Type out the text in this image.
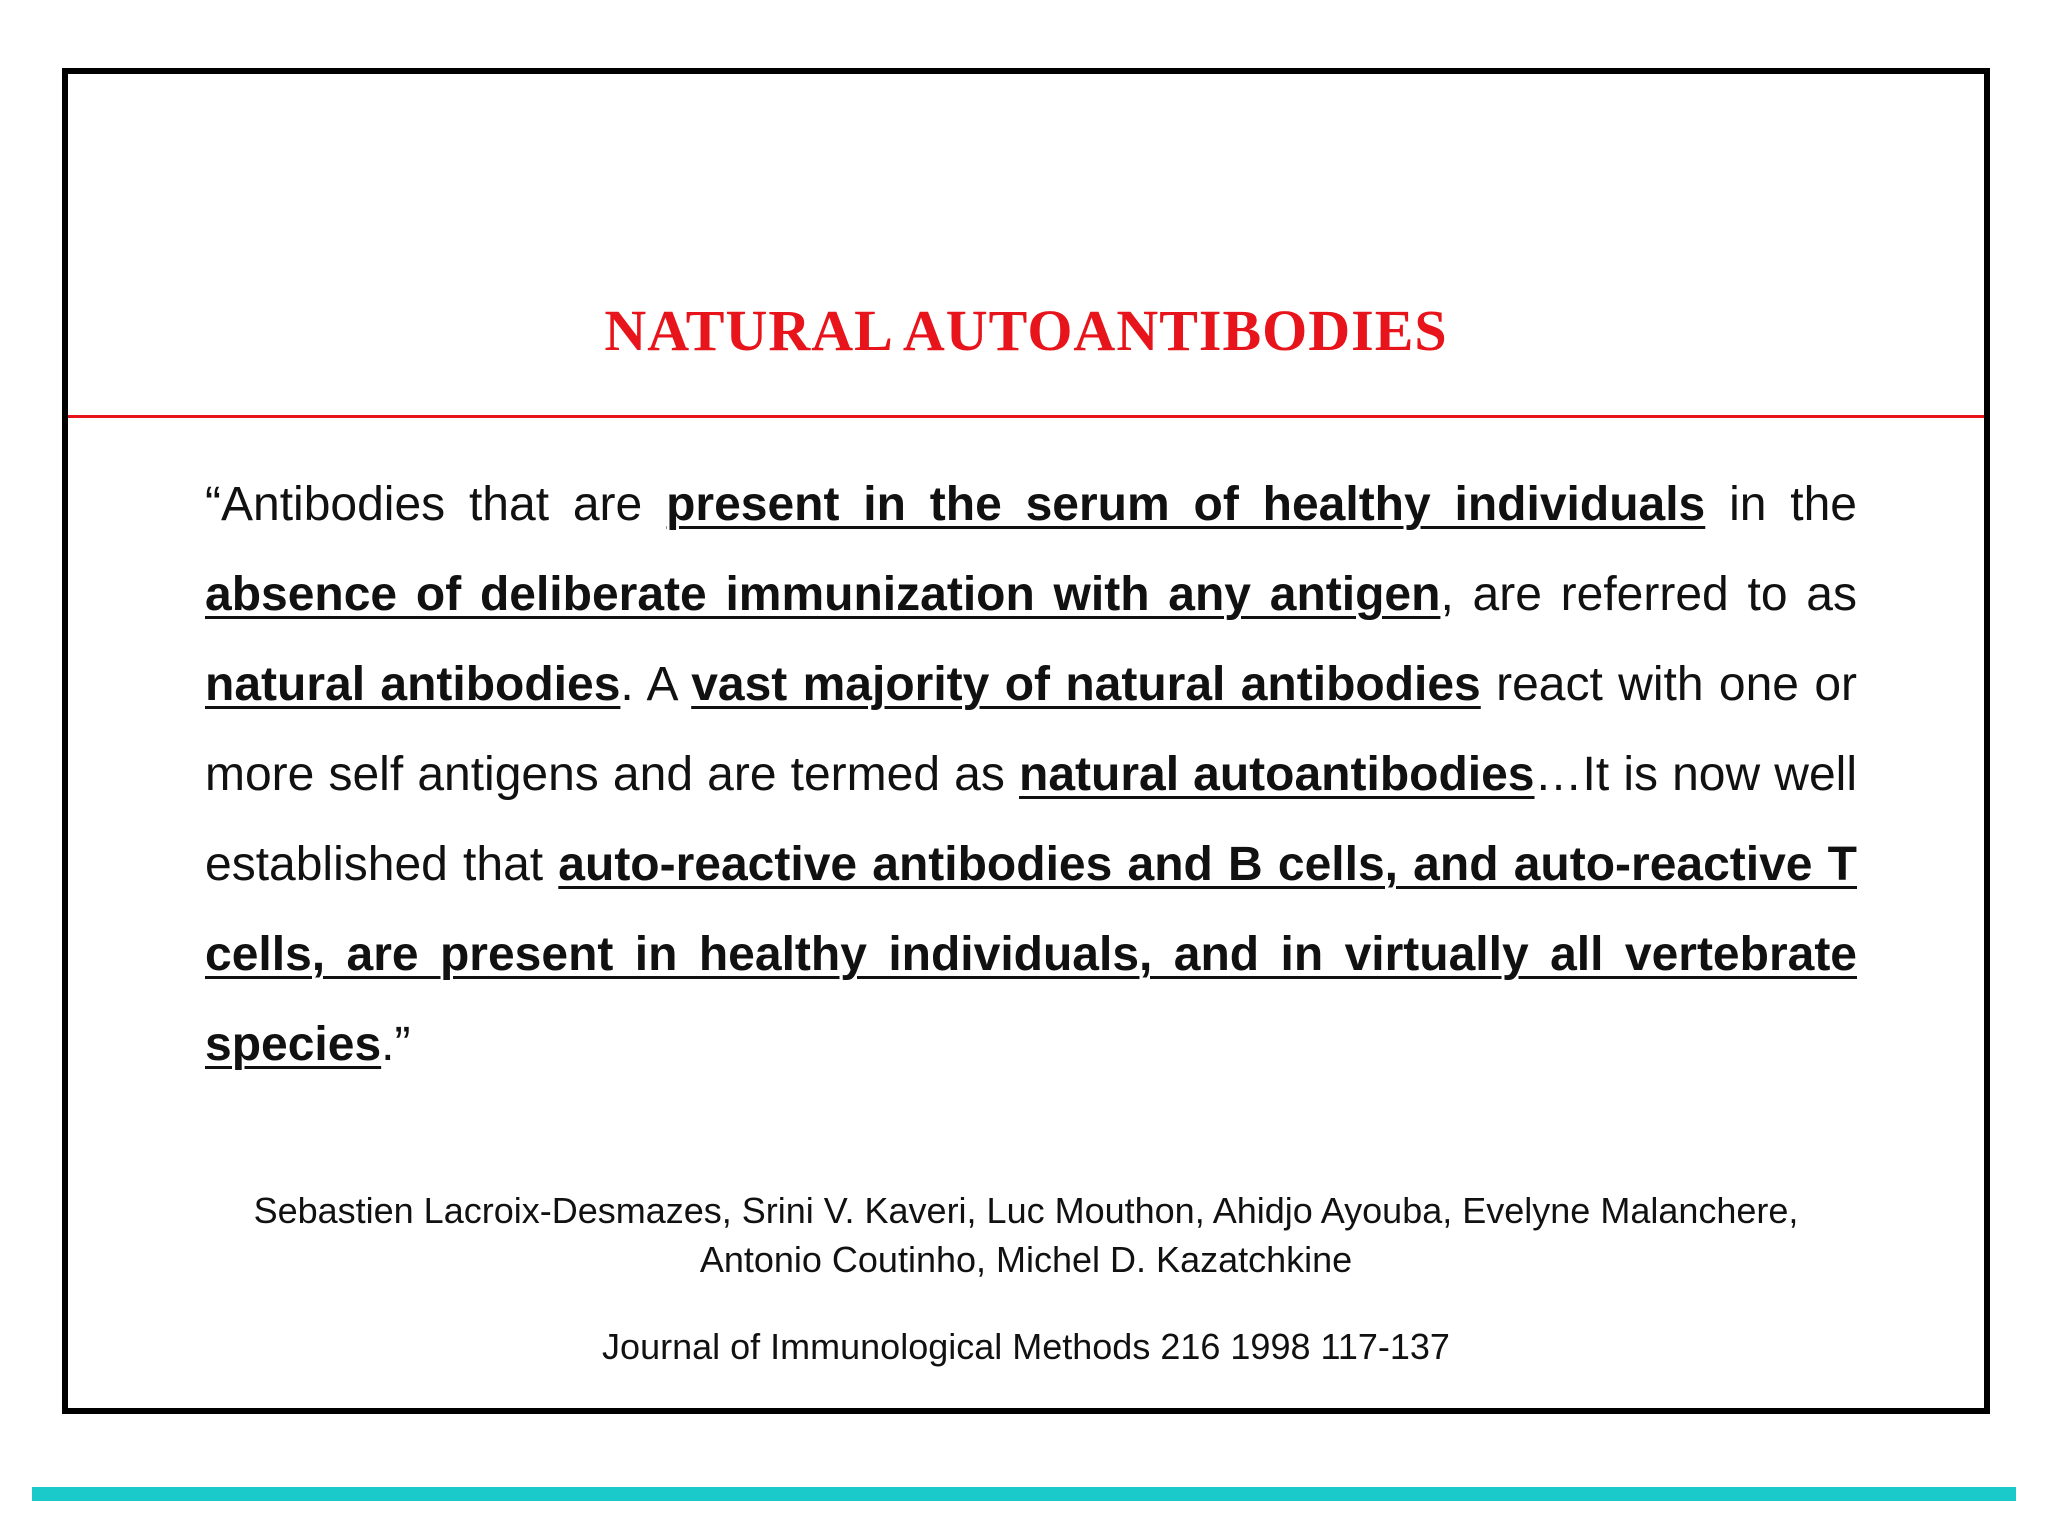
NATURAL AUTOANTIBODIES
“Antibodies that are present in the serum of healthy individuals in the absence of deliberate immunization with any antigen, are referred to as natural antibodies. A vast majority of natural antibodies react with one or more self antigens and are termed as natural autoantibodies…It is now well established that auto-reactive antibodies and B cells, and auto-reactive T cells, are present in healthy individuals, and in virtually all vertebrate species.”
Sebastien Lacroix-Desmazes, Srini V. Kaveri, Luc Mouthon, Ahidjo Ayouba, Evelyne Malanchere, Antonio Coutinho, Michel D. Kazatchkine
Journal of Immunological Methods 216 1998 117-137
